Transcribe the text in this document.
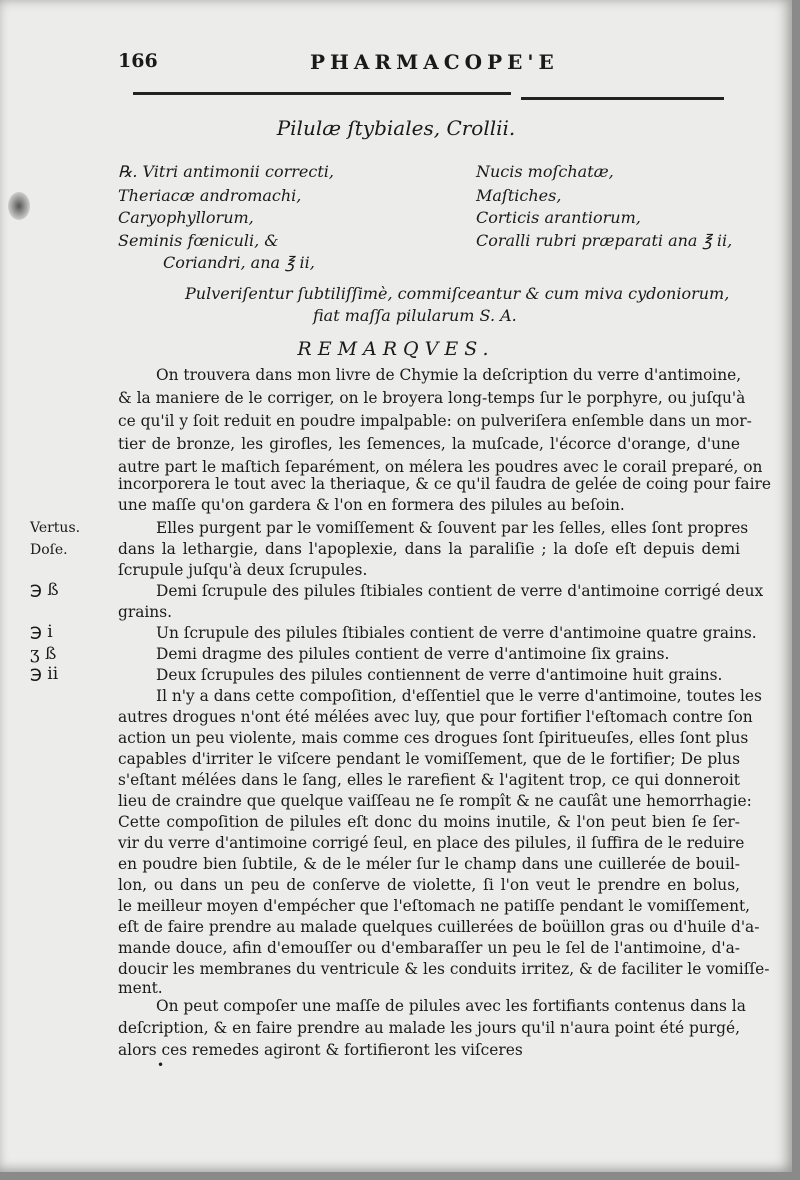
166	PHARMACOPE'E
Pilulæ ſtybiales, Crollii.
℞. Vitri antimonii correcti,
Theriacæ andromachi,
Caryophyllorum,
Seminis fœniculi, &
Coriandri, ana ℥ ii,
Nucis moſchatæ,
Maſtiches,
Corticis arantiorum,
Coralli rubri præparati ana ℥ ii,
Pulveriſentur ſubtiliſſimè, commiſceantur & cum miva cydoniorum,
fiat maſſa pilularum S. A.
REMARQVES.
On trouvera dans mon livre de Chymie la deſcription du verre d'antimoine,
& la maniere de le corriger, on le broyera long-temps ſur le porphyre, ou juſqu'à
ce qu'il y ſoit reduit en poudre impalpable: on pulveriſera enſemble dans un mor-
tier de bronze, les girofles, les ſemences, la muſcade, l'écorce d'orange, d'une
autre part le maſtich ſeparément, on mélera les poudres avec le corail preparé, on
incorporera le tout avec la theriaque, & ce qu'il faudra de gelée de coing pour faire
une maſſe qu'on gardera & l'on en formera des pilules au beſoin.
Elles purgent par le vomiſſement & ſouvent par les ſelles, elles ſont propres
dans la lethargie, dans l'apoplexie, dans la paraliſie ; la doſe eſt depuis demi
ſcrupule juſqu'à deux ſcrupules.
Demi ſcrupule des pilules ſtibiales contient de verre d'antimoine corrigé deux
grains.
Un ſcrupule des pilules ſtibiales contient de verre d'antimoine quatre grains.
Demi dragme des pilules contient de verre d'antimoine ſix grains.
Deux ſcrupules des pilules contiennent de verre d'antimoine huit grains.
Il n'y a dans cette compoſition, d'eſſentiel que le verre d'antimoine, toutes les
autres drogues n'ont été mélées avec luy, que pour fortifier l'eſtomach contre ſon
action un peu violente, mais comme ces drogues ſont ſpiritueuſes, elles ſont plus
capables d'irriter le viſcere pendant le vomiſſement, que de le fortifier; De plus
s'eſtant mélées dans le ſang, elles le rarefient & l'agitent trop, ce qui donneroit
lieu de craindre que quelque vaiſſeau ne ſe rompît & ne cauſât une hemorrhagie:
Cette compoſition de pilules eſt donc du moins inutile, & l'on peut bien ſe ſer-
vir du verre d'antimoine corrigé ſeul, en place des pilules, il ſuffira de le reduire
en poudre bien ſubtile, & de le méler ſur le champ dans une cuillerée de bouil-
lon, ou dans un peu de conſerve de violette, ſi l'on veut le prendre en bolus,
le meilleur moyen d'empécher que l'eſtomach ne patiſſe pendant le vomiſſement,
eſt de faire prendre au malade quelques cuillerées de boüillon gras ou d'huile d'a-
mande douce, afin d'emouſſer ou d'embaraſſer un peu le ſel de l'antimoine, d'a-
doucir les membranes du ventricule & les conduits irritez, & de faciliter le vomiſſe-
ment.
On peut compoſer une maſſe de pilules avec les fortifiants contenus dans la
deſcription, & en faire prendre au malade les jours qu'il n'aura point été purgé,
alors ces remedes agiront & fortifieront les viſceres
Vertus.
Doſe.
℈ ß
℈ i
ʒ ß
℈ ii
•
